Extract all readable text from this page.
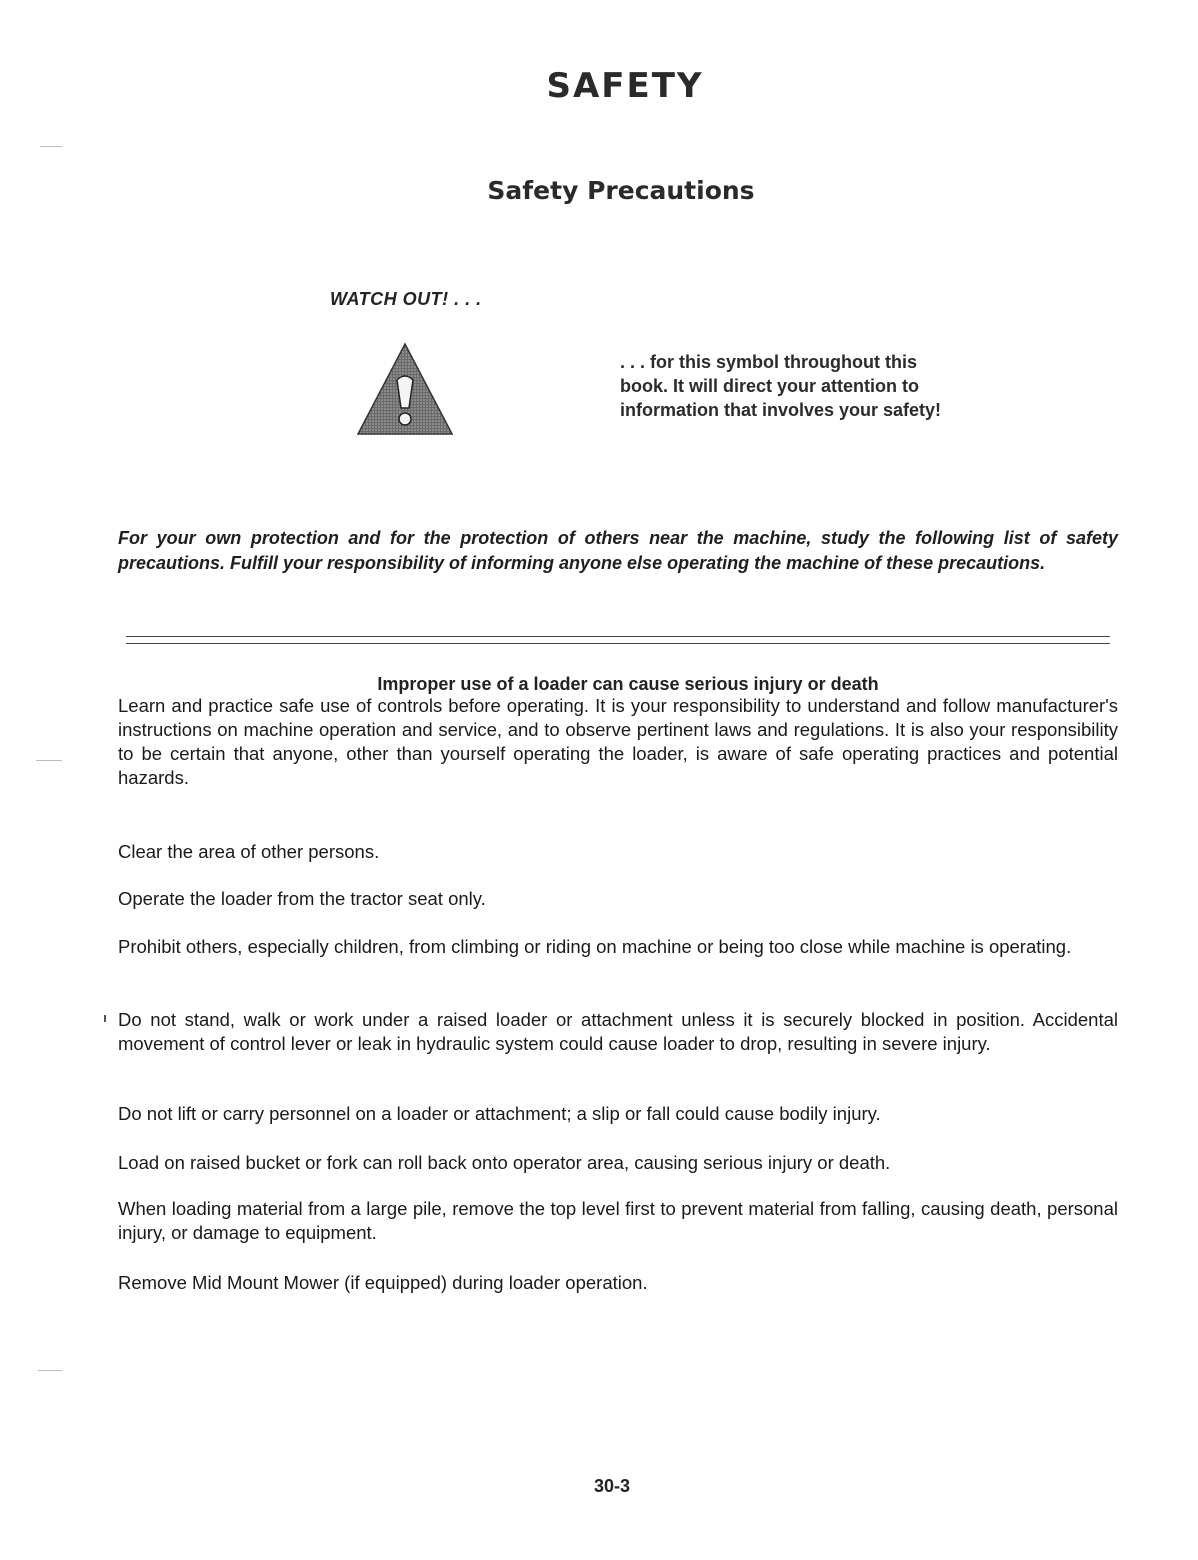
SAFETY
Safety Precautions
WATCH OUT! . . .

. . . for this symbol throughout this book. It will direct your attention to information that involves your safety!

For your own protection and for the protection of others near the machine, study the following list of safety precautions. Fulfill your responsibility of informing anyone else operating the machine of these precautions.

Improper use of a loader can cause serious injury or death

Learn and practice safe use of controls before operating. It is your responsibility to understand and follow manufacturer's instructions on machine operation and service, and to observe pertinent laws and regulations. It is also your responsibility to be certain that anyone, other than yourself operating the loader, is aware of safe operating practices and potential hazards.

Clear the area of other persons.

Operate the loader from the tractor seat only.

Prohibit others, especially children, from climbing or riding on machine or being too close while machine is operating.

Do not stand, walk or work under a raised loader or attachment unless it is securely blocked in position. Accidental movement of control lever or leak in hydraulic system could cause loader to drop, resulting in severe injury.

Do not lift or carry personnel on a loader or attachment; a slip or fall could cause bodily injury.

Load on raised bucket or fork can roll back onto operator area, causing serious injury or death.

When loading material from a large pile, remove the top level first to prevent material from falling, causing death, personal injury, or damage to equipment.

Remove Mid Mount Mower (if equipped) during loader operation.

30-3
